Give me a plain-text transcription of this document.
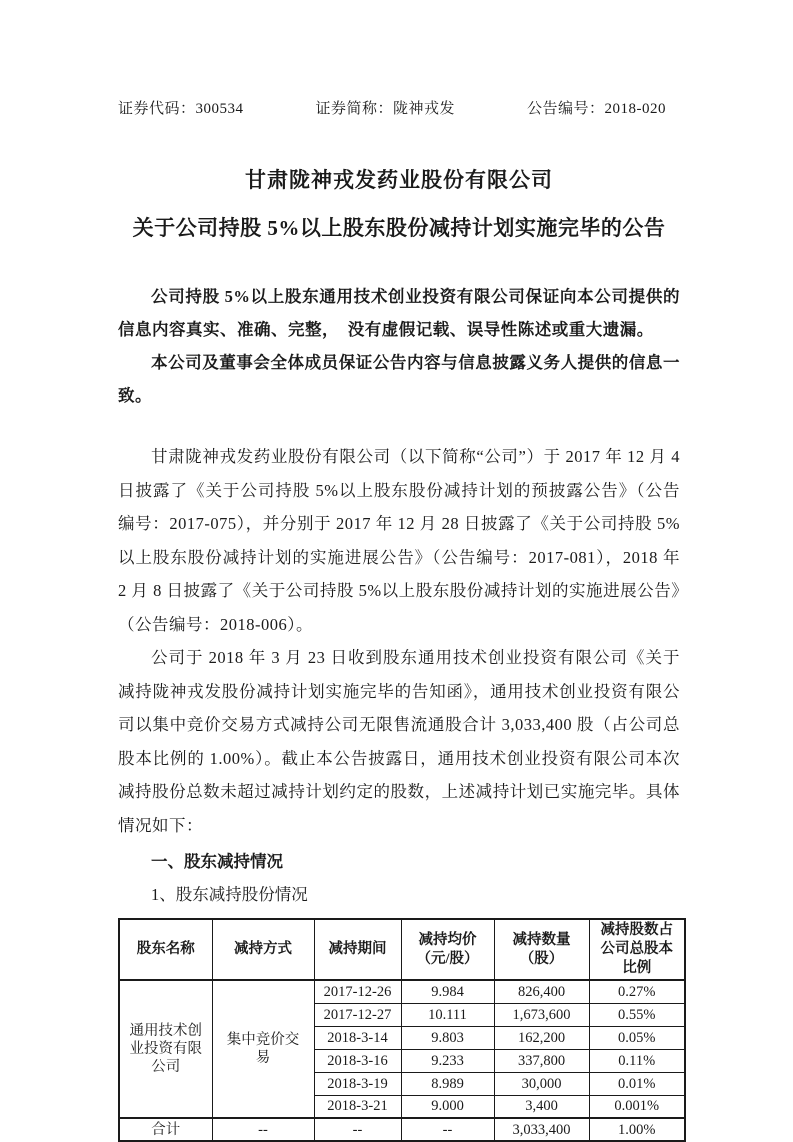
证券代码：300534	证券简称：陇神戎发	公告编号：2018-020
甘肃陇神戎发药业股份有限公司
关于公司持股 5%以上股东股份减持计划实施完毕的公告

公司持股 5%以上股东通用技术创业投资有限公司保证向本公司提供的信息内容真实、准确、完整，　没有虚假记载、误导性陈述或重大遗漏。

本公司及董事会全体成员保证公告内容与信息披露义务人提供的信息一致。

甘肃陇神戎发药业股份有限公司（以下简称“公司”）于 2017 年 12 月 4 日披露了《关于公司持股 5%以上股东股份减持计划的预披露公告》（公告编号：2017-075），并分别于 2017 年 12 月 28 日披露了《关于公司持股 5%以上股东股份减持计划的实施进展公告》（公告编号：2017-081），2018 年 2 月 8 日披露了《关于公司持股 5%以上股东股份减持计划的实施进展公告》（公告编号：2018-006）。

公司于 2018 年 3 月 23 日收到股东通用技术创业投资有限公司《关于减持陇神戎发股份减持计划实施完毕的告知函》，通用技术创业投资有限公司以集中竞价交易方式减持公司无限售流通股合计 3,033,400 股（占公司总股本比例的 1.00%）。截止本公告披露日，通用技术创业投资有限公司本次减持股份总数未超过减持计划约定的股数，上述减持计划已实施完毕。具体情况如下：

一、股东减持情况

1、股东减持股份情况

股东名称	减持方式	减持期间	减持均价（元/股）	减持数量（股）	减持股数占公司总股本比例
通用技术创业投资有限公司	集中竞价交易	2017-12-26	9.984	826,400	0.27%
		2017-12-27	10.111	1,673,600	0.55%
		2018-3-14	9.803	162,200	0.05%
		2018-3-16	9.233	337,800	0.11%
		2018-3-19	8.989	30,000	0.01%
		2018-3-21	9.000	3,400	0.001%
合计	--	--	--	3,033,400	1.00%
